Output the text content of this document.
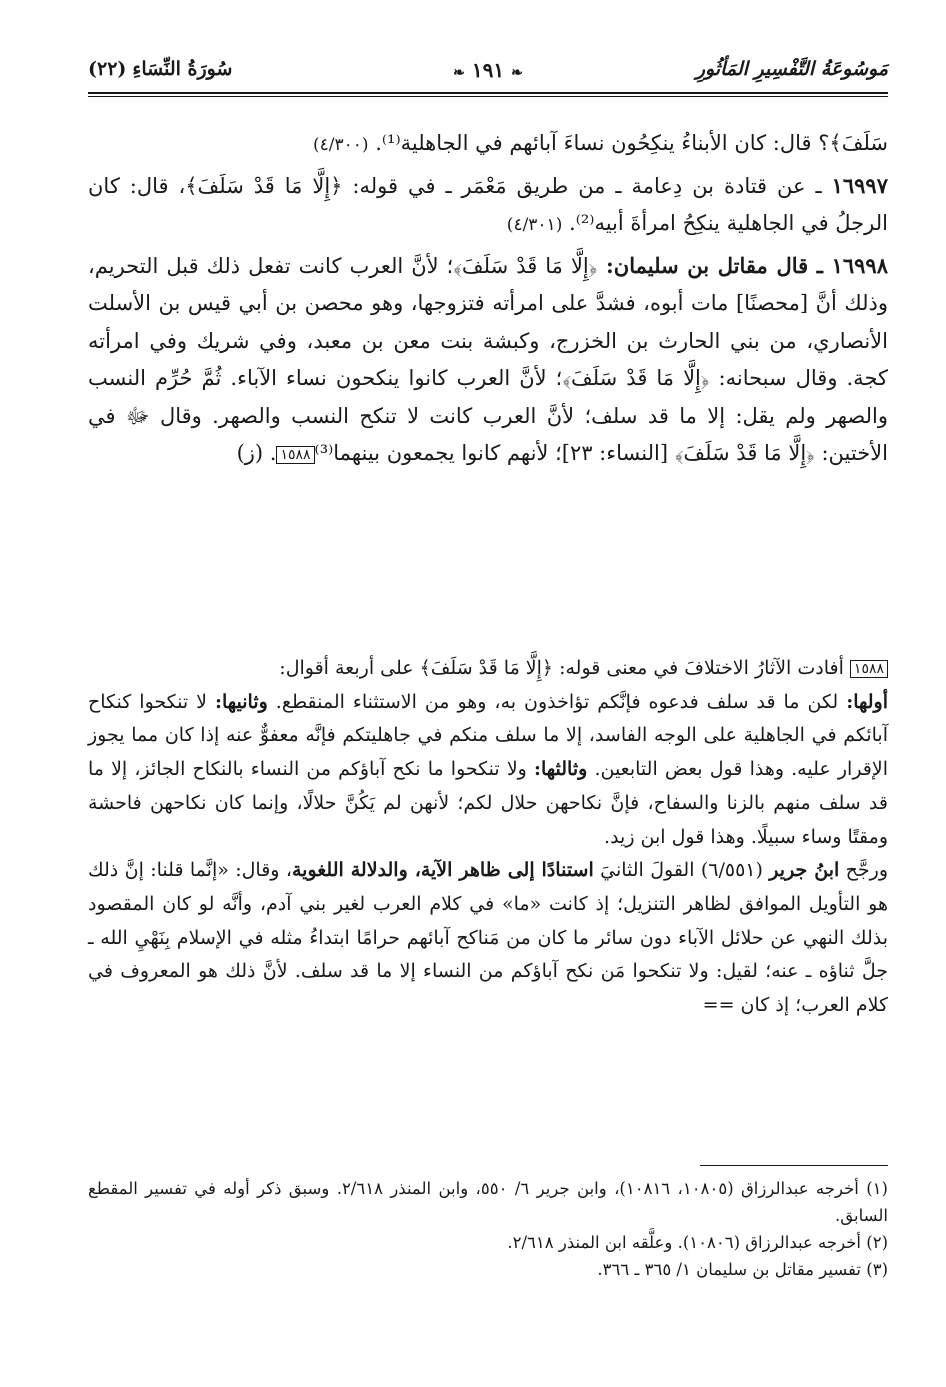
سُورَةُ النِّسَاءِ
(٢٢)	❧ ١٩١ ❧	مَوسُوعَةُ التَّفْسِيرِ المَأثُورِ

سَلَفَ﴾؟ قال: كان الأبناءُ ينكِحُون نساءَ آبائهم في الجاهلية⁽¹⁾. (٤/٣٠٠)

١٦٩٩٧ ـ عن قتادة بن دِعامة ـ من طريق مَعْمَر ـ في قوله: ﴿إِلَّا مَا قَدْ سَلَفَ﴾، قال: كان الرجلُ في الجاهلية ينكِحُ امرأةَ أبيه⁽²⁾. (٤/٣٠١)

١٦٩٩٨ ـ قال مقاتل بن سليمان: ﴿إِلَّا مَا قَدْ سَلَفَ﴾؛ لأنَّ العرب كانت تفعل ذلك قبل التحريم، وذلك أنَّ [محصنًا] مات أبوه، فشدَّ على امرأته فتزوجها، وهو محصن بن أبي قيس بن الأسلت الأنصاري، من بني الحارث بن الخزرج، وكبشة بنت معن بن معبد، وفي شريك وفي امرأته كجة. وقال سبحانه: ﴿إِلَّا مَا قَدْ سَلَفَ﴾؛ لأنَّ العرب كانوا ينكحون نساء الآباء. ثُمَّ حُرِّم النسب والصهر ولم يقل: إلا ما قد سلف؛ لأنَّ العرب كانت لا تنكح النسب والصهر. وقال ﷻ في الأختين: ﴿إِلَّا مَا قَدْ سَلَفَ﴾ [النساء: ٢٣]؛ لأنهم كانوا يجمعون بينهما⁽³⁾١٥٨٨. (ز)

١٥٨٨ أفادت الآثارُ الاختلافَ في معنى قوله: ﴿إِلَّا مَا قَدْ سَلَفَ﴾ على أربعة أقوال:

أولها: لكن ما قد سلف فدعوه فإنَّكم تؤاخذون به، وهو من الاستثناء المنقطع. وثانيها: لا تنكحوا كنكاح آبائكم في الجاهلية على الوجه الفاسد، إلا ما سلف منكم في جاهليتكم فإنَّه معفوٌّ عنه إذا كان مما يجوز الإقرار عليه. وهذا قول بعض التابعين. وثالثها: ولا تنكحوا ما نكح آباؤكم من النساء بالنكاح الجائز، إلا ما قد سلف منهم بالزنا والسفاح، فإنَّ نكاحهن حلال لكم؛ لأنهن لم يَكُنَّ حلالًا، وإنما كان نكاحهن فاحشة ومقتًا وساء سبيلًا. وهذا قول ابن زيد.

ورجَّح ابنُ جرير (٦/٥٥١) القولَ الثانيَ استنادًا إلى ظاهر الآية، والدلالة اللغوية، وقال: «إنَّما قلنا: إنَّ ذلك هو التأويل الموافق لظاهر التنزيل؛ إذ كانت «ما» في كلام العرب لغير بني آدم، وأنَّه لو كان المقصود بذلك النهي عن حلائل الآباء دون سائر ما كان من مَناكح آبائهم حرامًا ابتداءُ مثله في الإسلام بِنَهْيِ الله ـ جلَّ ثناؤه ـ عنه؛ لقيل: ولا تنكحوا مَن نكح آباؤكم من النساء إلا ما قد سلف. لأنَّ ذلك هو المعروف في كلام العرب؛ إذ كان ==

(١) أخرجه عبدالرزاق (١٠٨٠٥، ١٠٨١٦)، وابن جرير ٦/ ٥٥٠، وابن المنذر ٢/٦١٨. وسبق ذكر أوله في تفسير المقطع السابق.

(٢) أخرجه عبدالرزاق (١٠٨٠٦). وعلَّقه ابن المنذر ٢/٦١٨.

(٣) تفسير مقاتل بن سليمان ١/ ٣٦٥ ـ ٣٦٦.
